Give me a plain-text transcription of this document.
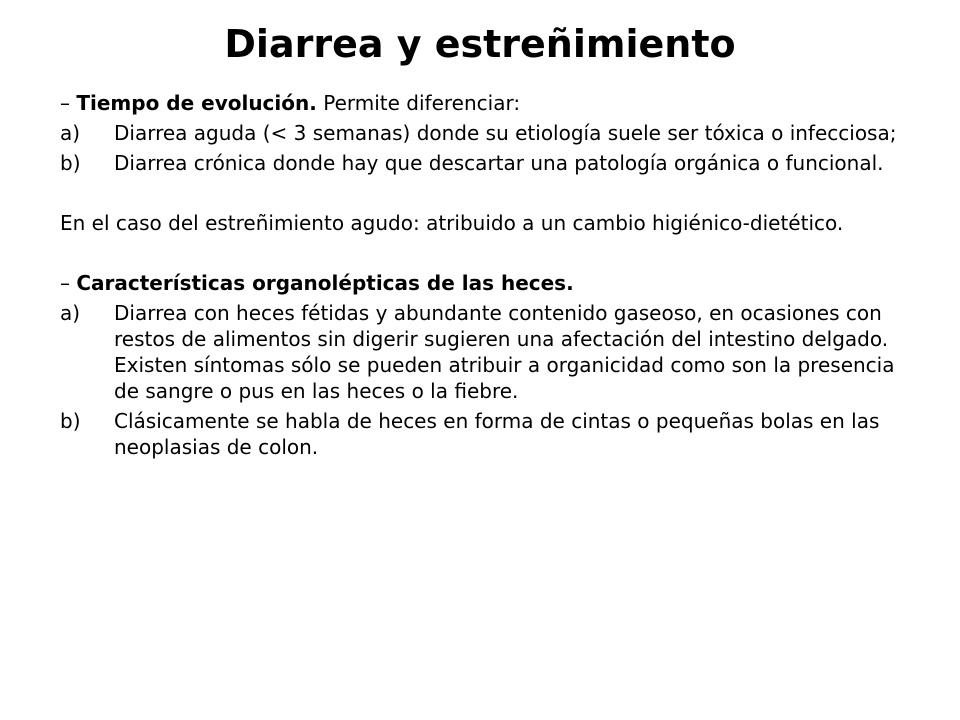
Diarrea y estreñimiento

– Tiempo de evolución. Permite diferenciar:

a)	Diarrea aguda (< 3 semanas) donde su etiología suele ser tóxica o infecciosa;
b)	Diarrea crónica donde hay que descartar una patología orgánica o funcional.

En el caso del estreñimiento agudo: atribuido a un cambio higiénico-dietético.

– Características organolépticas de las heces.

a)	Diarrea con heces fétidas y abundante contenido gaseoso, en ocasiones con restos de alimentos sin digerir sugieren una afectación del intestino delgado. Existen síntomas sólo se pueden atribuir a organicidad como son la presencia de sangre o pus en las heces o la fiebre.
b)	Clásicamente se habla de heces en forma de cintas o pequeñas bolas en las neoplasias de colon.
